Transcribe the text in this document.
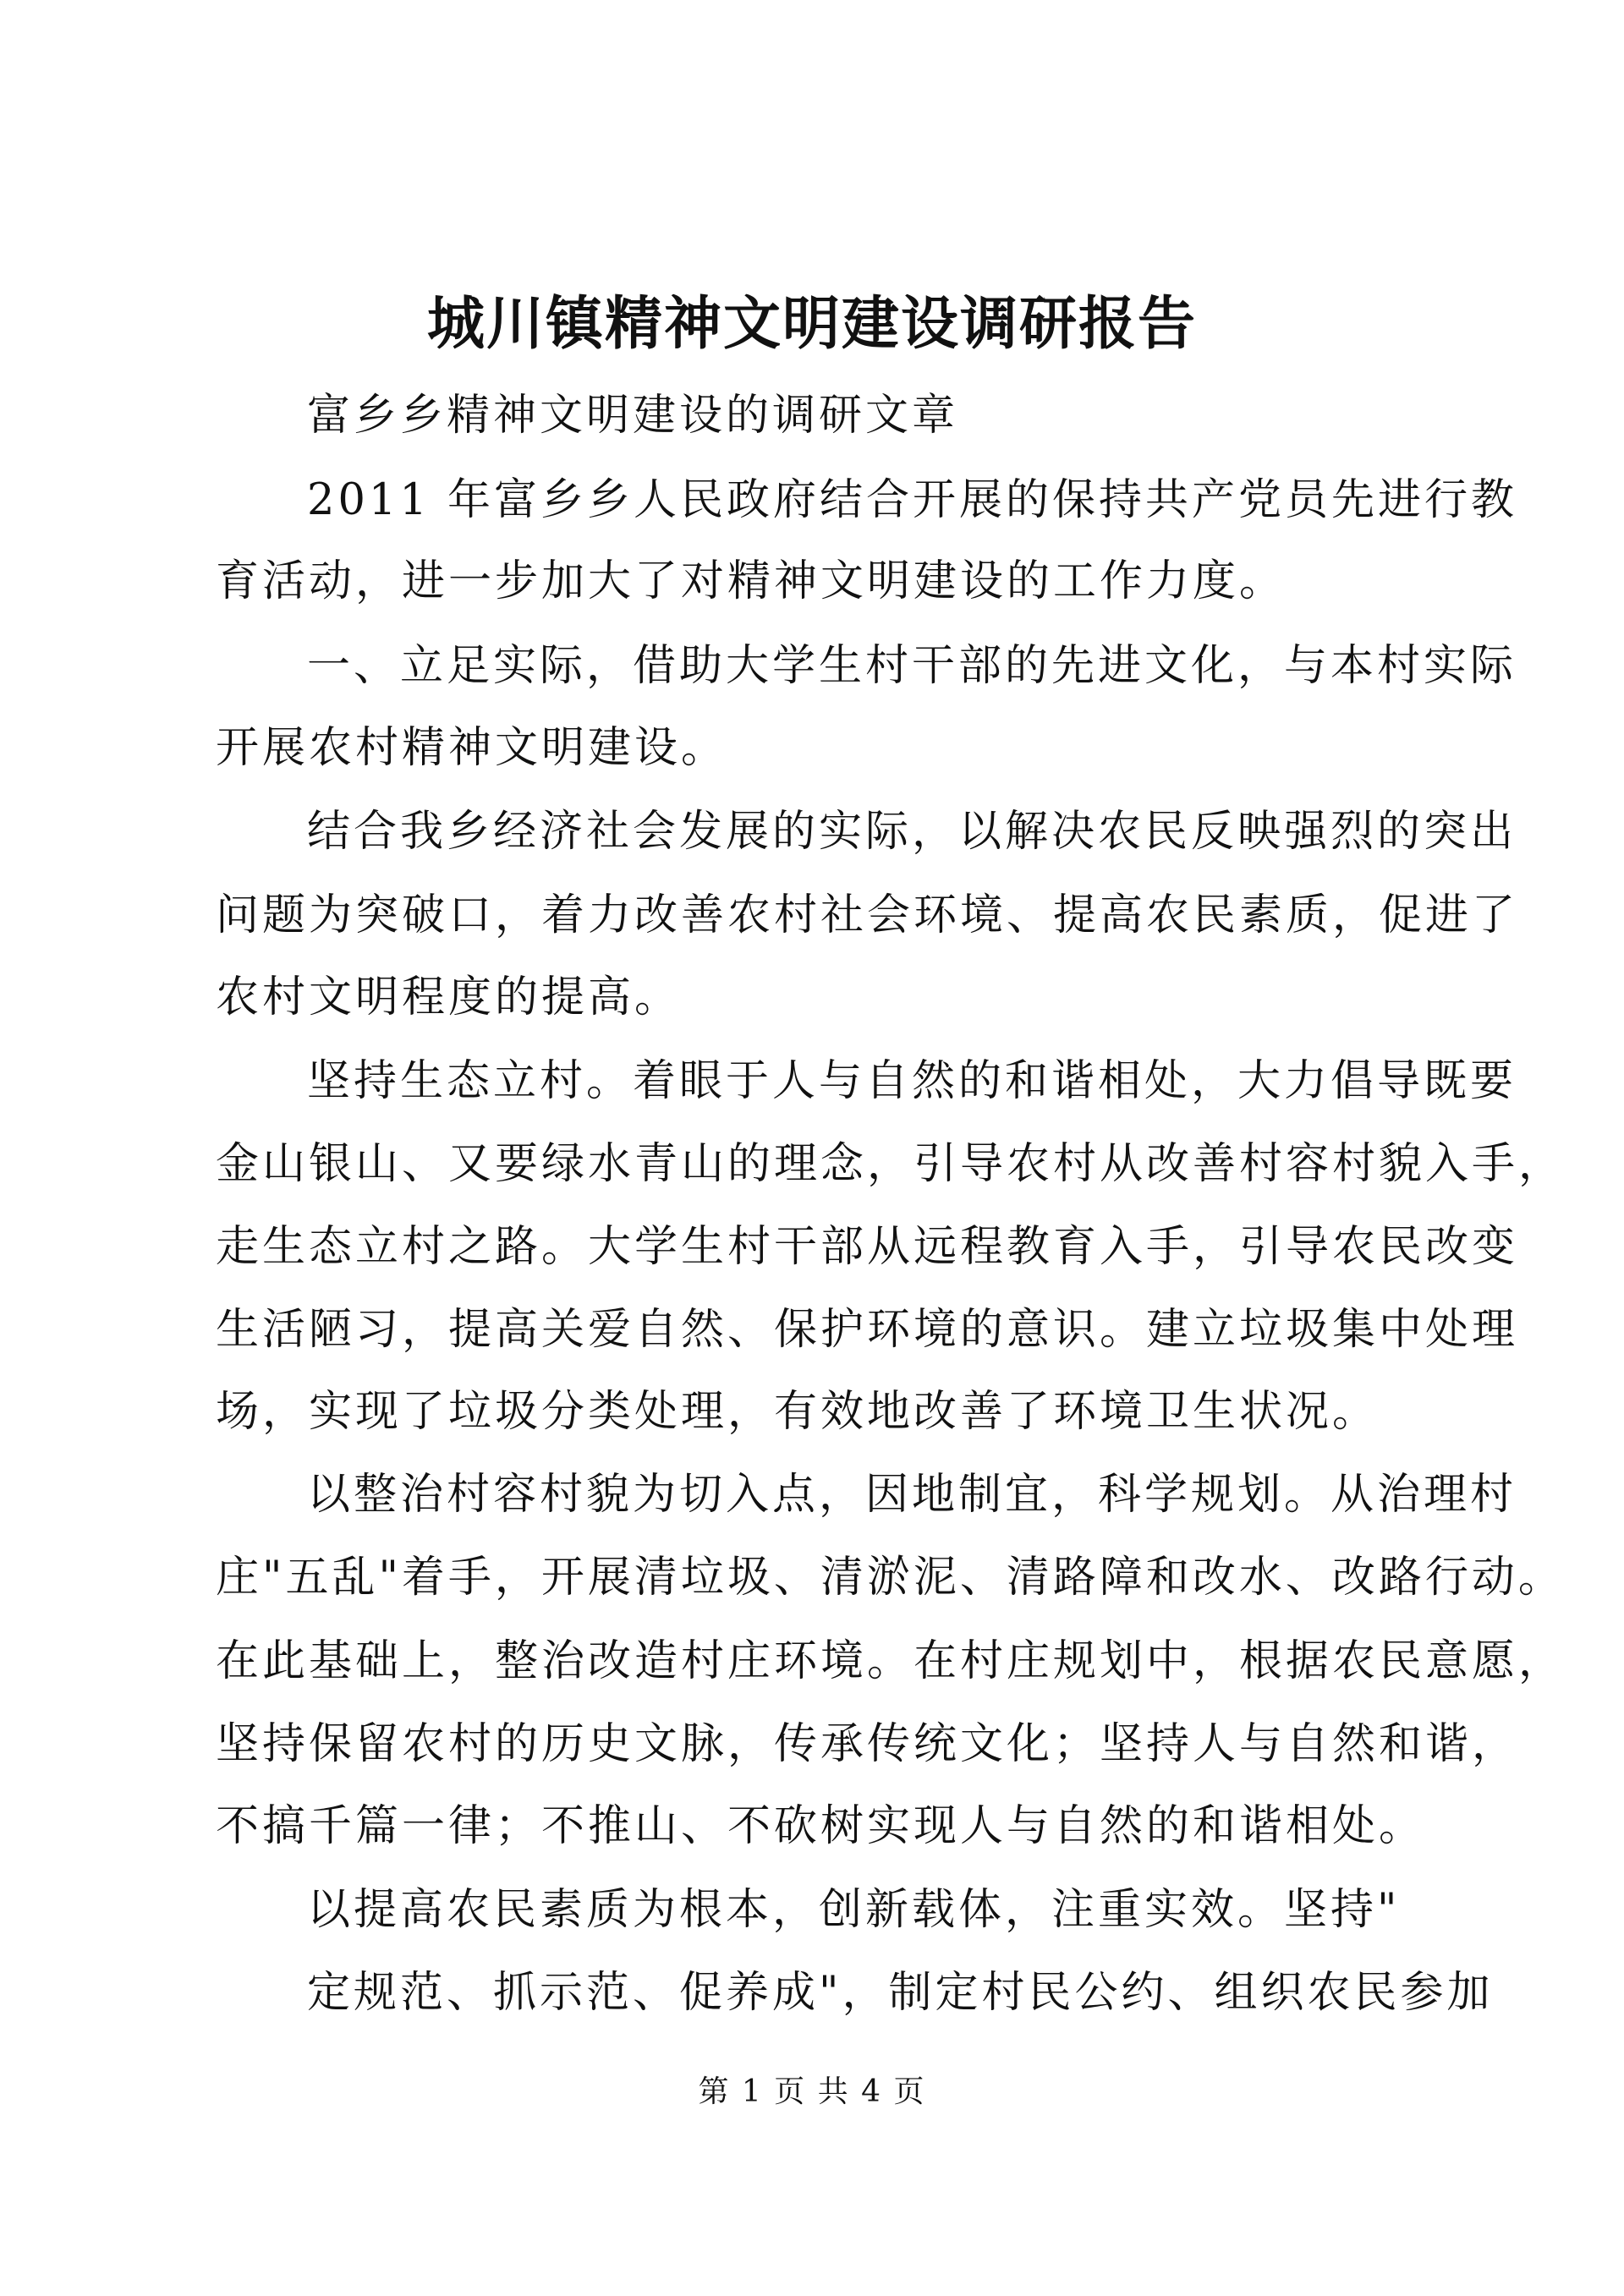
城川镇精神文明建设调研报告

富乡乡精神文明建设的调研文章

2011 年富乡乡人民政府结合开展的保持共产党员先进行教

育活动，进一步加大了对精神文明建设的工作力度。

一、立足实际，借助大学生村干部的先进文化，与本村实际

开展农村精神文明建设。

结合我乡经济社会发展的实际，以解决农民反映强烈的突出

问题为突破口，着力改善农村社会环境、提高农民素质，促进了

农村文明程度的提高。

坚持生态立村。着眼于人与自然的和谐相处，大力倡导既要

金山银山、又要绿水青山的理念，引导农村从改善村容村貌入手，

走生态立村之路。大学生村干部从远程教育入手，引导农民改变

生活陋习，提高关爱自然、保护环境的意识。建立垃圾集中处理

场，实现了垃圾分类处理，有效地改善了环境卫生状况。

以整治村容村貌为切入点，因地制宜，科学规划。从治理村

庄"五乱"着手，开展清垃圾、清淤泥、清路障和改水、改路行动。

在此基础上，整治改造村庄环境。在村庄规划中，根据农民意愿，

坚持保留农村的历史文脉，传承传统文化；坚持人与自然和谐，

不搞千篇一律；不推山、不砍树实现人与自然的和谐相处。

以提高农民素质为根本，创新载体，注重实效。坚持"

定规范、抓示范、促养成"，制定村民公约、组织农民参加

第 1 页 共 4 页
